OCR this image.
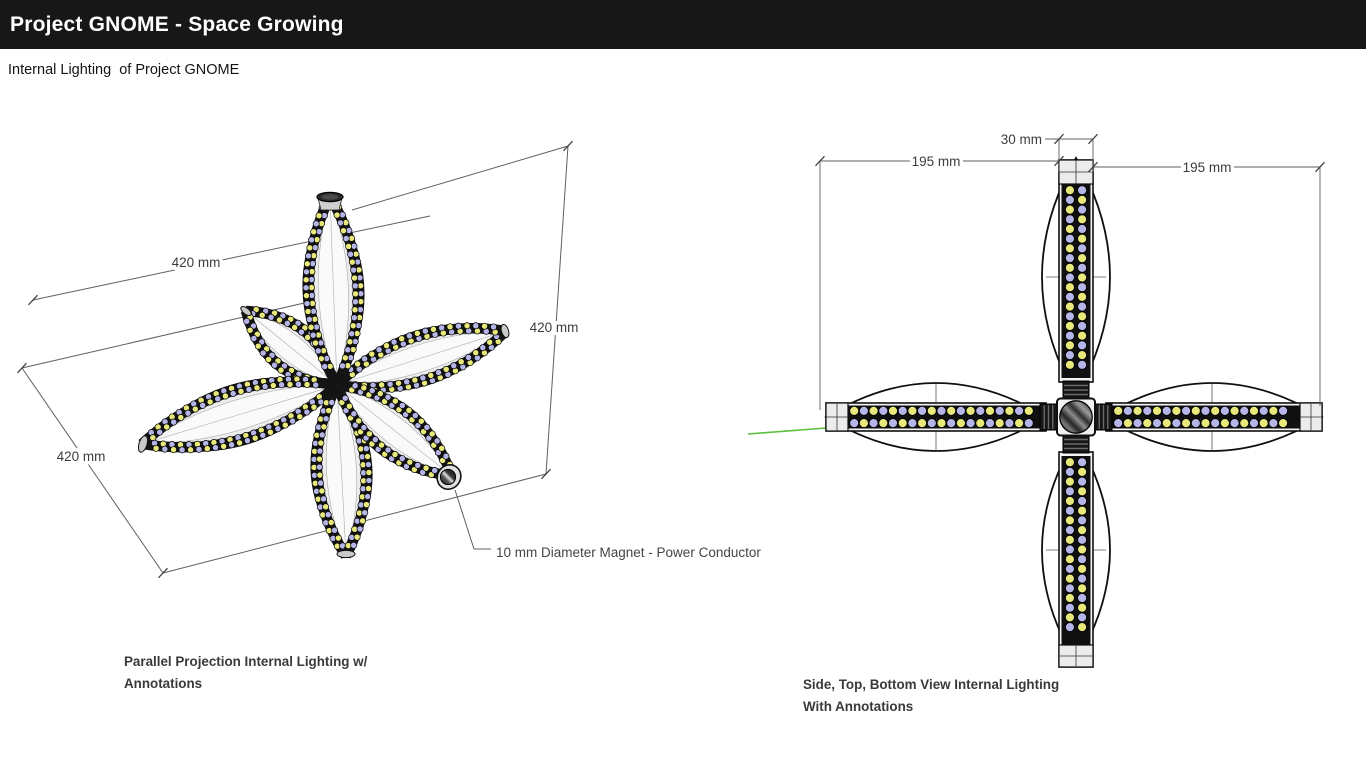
Project GNOME - Space Growing
Internal Lighting  of Project GNOME
420 mm
420 mm
420 mm
10 mm Diameter Magnet - Power Conductor
30 mm
195 mm	195 mm
Parallel Projection Internal Lighting w/
Annotations	Side, Top, Bottom View Internal Lighting
With Annotations
